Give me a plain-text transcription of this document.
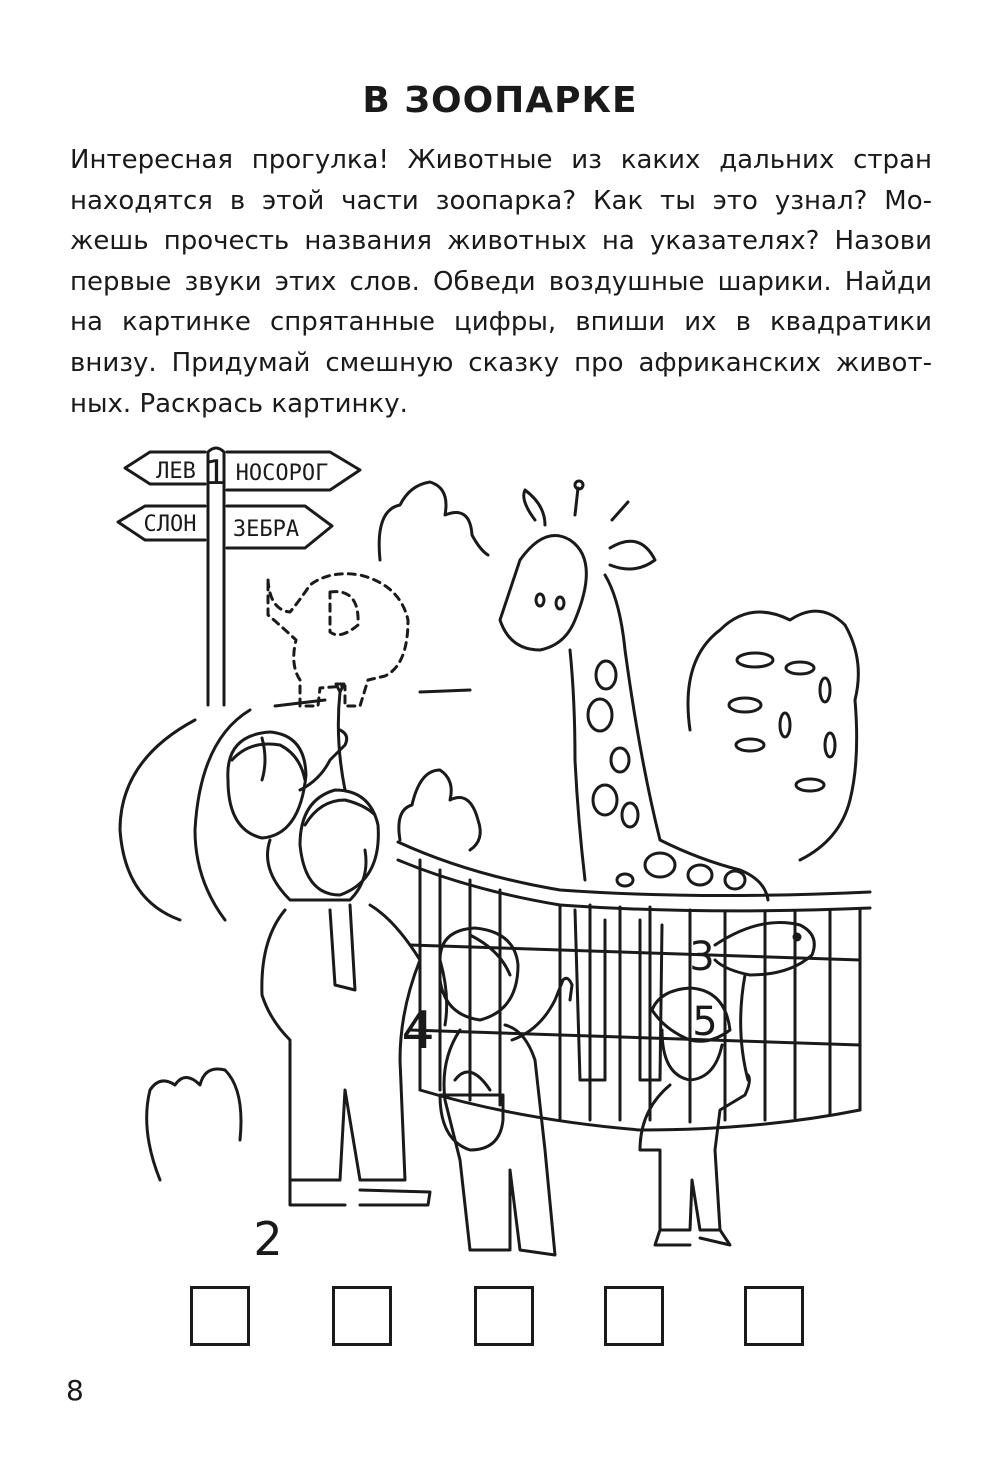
В ЗООПАРКЕ
Интересная прогулка! Животные из каких дальних стран
находятся в этой части зоопарка? Как ты это узнал? Мо-
жешь прочесть названия животных на указателях? Назови
первые звуки этих слов. Обведи воздушные шарики. Найди
на картинке спрятанные цифры, впиши их в квадратики
внизу. Придумай смешную сказку про африканских живот-
ных. Раскрась картинку.
ЛЕВ 1 НОСОРОГ
СЛОН ЗЕБРА
2
4
3
5
8
